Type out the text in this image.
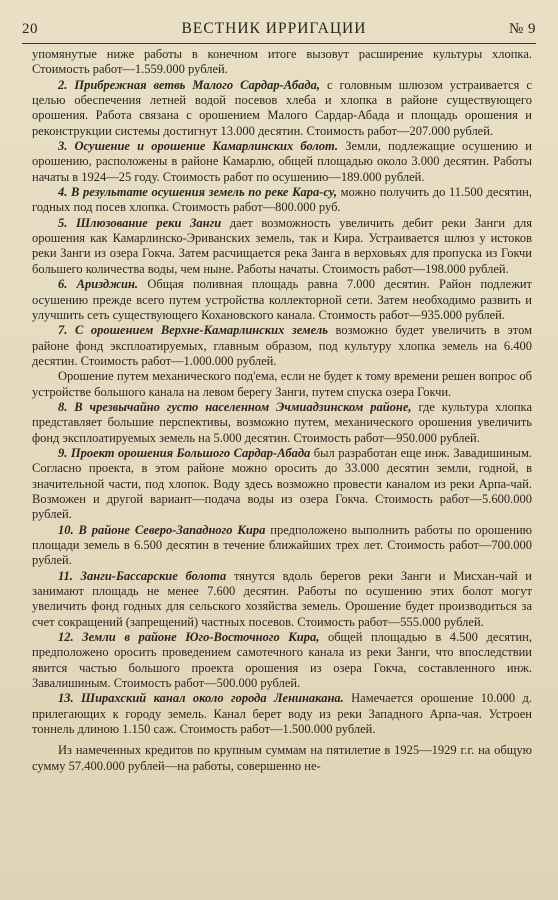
20	ВЕСТНИК ИРРИГАЦИИ	№ 9

упомянутые ниже работы в конечном итоге вызовут расширение культуры хлопка. Стоимость работ—1.559.000 рублей.

2. Прибрежная ветвь Малого Сардар-Абада, с головным шлюзом устраивается с целью обеспечения летней водой посевов хлеба и хлопка в районе существующего орошения. Работа связана с орошением Малого Сардар-Абада и площадь орошения и реконструкции системы достигнут 13.000 десятин. Стоимость работ—207.000 рублей.

3. Осушение и орошение Камарлинских болот. Земли, подлежащие осушению и орошению, расположены в районе Камарлю, общей площадью около 3.000 десятин. Работы начаты в 1924—25 году. Стоимость работ по осушению—189.000 рублей.

4. В результате осушения земель по реке Кара-су, можно получить до 11.500 десятин, годных под посев хлопка. Стоимость работ—800.000 руб.

5. Шлюзование реки Занги дает возможность увеличить дебит реки Занги для орошения как Камарлинско-Эриванских земель, так и Кира. Устраивается шлюз у истоков реки Занги из озера Гокча. Затем расчищается река Занга в верховьях для пропуска из Гокчи большего количества воды, чем ныне. Работы начаты. Стоимость работ—198.000 рублей.

6. Аризджин. Общая поливная площадь равна 7.000 десятин. Район подлежит осушению прежде всего путем устройства коллекторной сети. Затем необходимо развить и улучшить сеть существующего Кохановского канала. Стоимость работ—935.000 рублей.

7. С орошением Верхне-Камарлинских земель возможно будет увеличить в этом районе фонд эксплоатируемых, главным образом, под культуру хлопка земель на 6.400 десятин. Стоимость работ—1.000.000 рублей.

Орошение путем механического под'ема, если не будет к тому времени решен вопрос об устройстве большого канала на левом берегу Занги, путем спуска озера Гокчи.

8. В чрезвычайно густо населенном Эчмиадзинском районе, где культура хлопка представляет большие перспективы, возможно путем, механического орошения увеличить фонд эксплоатируемых земель на 5.000 десятин. Стоимость работ—950.000 рублей.

9. Проект орошения Большого Сардар-Абада был разработан еще инж. Завадишиным. Согласно проекта, в этом районе можно оросить до 33.000 десятин земли, годной, в значительной части, под хлопок. Воду здесь возможно провести каналом из реки Арпа-чай. Возможен и другой вариант—подача воды из озера Гокча. Стоимость работ—5.600.000 рублей.

10. В районе Северо-Западного Кира предположено выполнить работы по орошению площади земель в 6.500 десятин в течение ближайших трех лет. Стоимость работ—700.000 рублей.

11. Занги-Бассарские болота тянутся вдоль берегов реки Занги и Мисхан-чай и занимают площадь не менее 7.600 десятин. Работы по осушению этих болот могут увеличить фонд годных для сельского хозяйства земель. Орошение будет производиться за счет сокращений (запрещений) частных посевов. Стоимость работ—555.000 рублей.

12. Земли в районе Юго-Восточного Кира, общей площадью в 4.500 десятин, предположено оросить проведением самотечного канала из реки Занги, что впоследствии явится частью большого проекта орошения из озера Гокча, составленного инж. Завалишиным. Стоимость работ—500.000 рублей.

13. Ширахский канал около города Ленинакана. Намечается орошение 10.000 д. прилегающих к городу земель. Канал берет воду из реки Западного Арпа-чая. Устроен тоннель длиною 1.150 саж. Стоимость работ—1.500.000 рублей.

Из намеченных кредитов по крупным суммам на пятилетие в 1925—1929 г.г. на общую сумму 57.400.000 рублей—на работы, совершенно не-
